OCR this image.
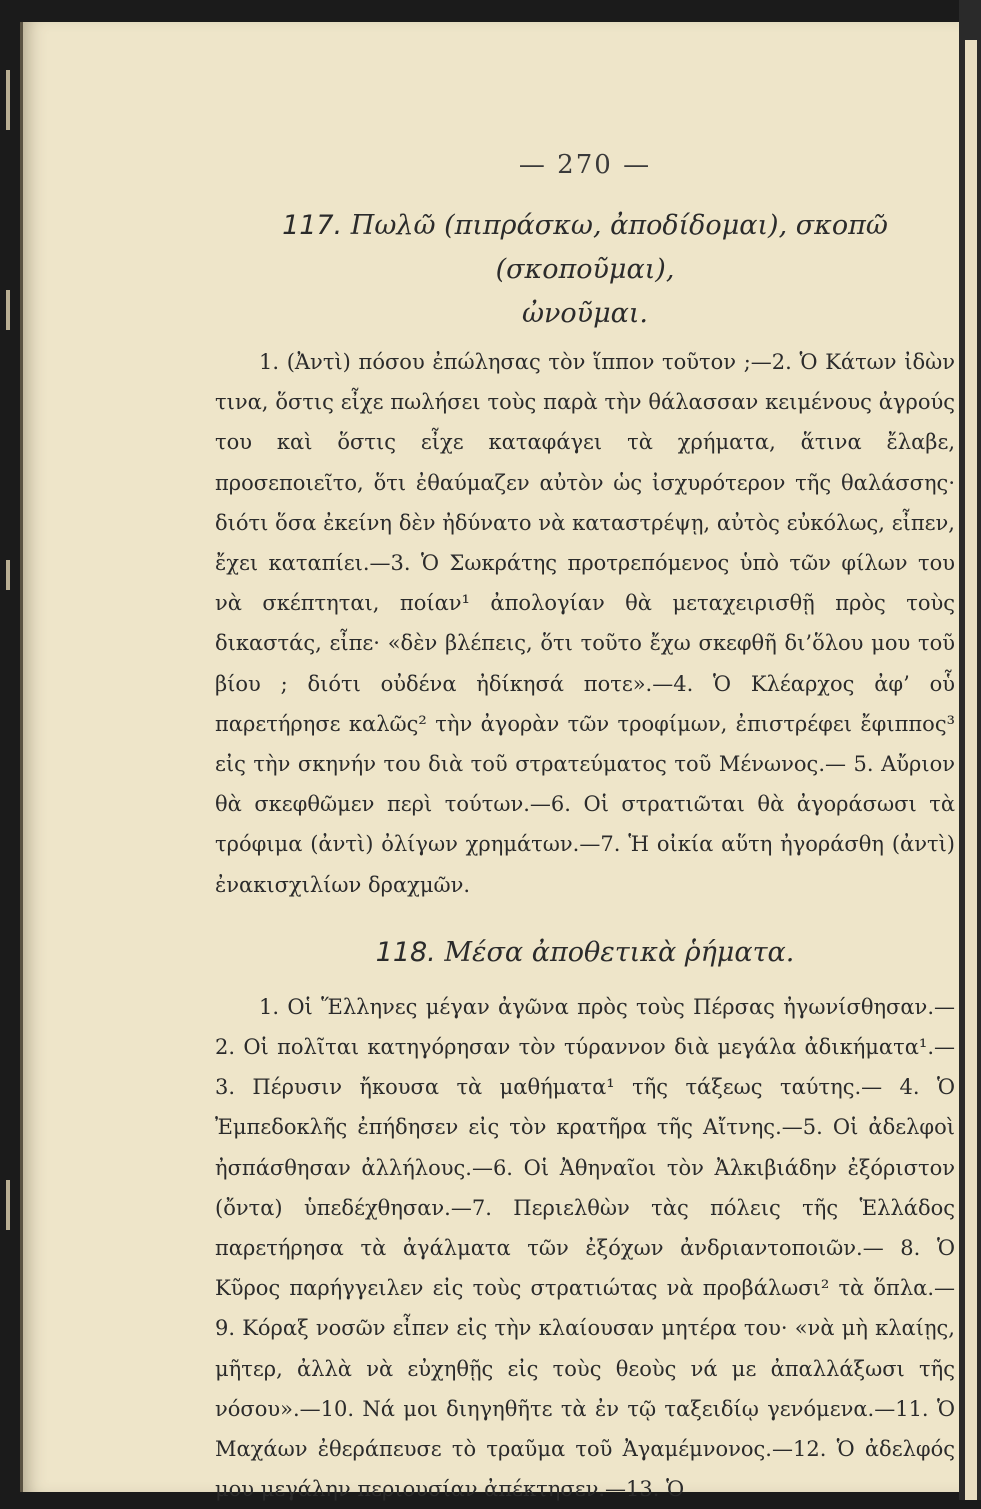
— 270 —
117. Πωλῶ (πιπράσκω, ἀποδίδομαι), σκοπῶ (σκοποῦμαι),
ὠνοῦμαι.

1. (Ἀντὶ) πόσου ἐπώλησας τὸν ἵππον τοῦτον ;—2. Ὁ Κάτων ἰδὼν τινα, ὅστις εἶχε πωλήσει τοὺς παρὰ τὴν θάλασσαν κειμένους ἀγρούς του καὶ ὅστις εἶχε καταφάγει τὰ χρήματα, ἅτινα ἔλαβε, προσεποιεῖτο, ὅτι ἐθαύμαζεν αὐτὸν ὡς ἰσχυρότερον τῆς θαλάσσης· διότι ὅσα ἐκείνη δὲν ἠδύνατο νὰ καταστρέψῃ, αὐτὸς εὐκόλως, εἶπεν, ἔχει καταπίει.—3. Ὁ Σωκράτης προτρεπόμενος ὑπὸ τῶν φίλων του νὰ σκέπτηται, ποίαν¹ ἀπολογίαν θὰ μεταχειρισθῇ πρὸς τοὺς δικαστάς, εἶπε· «δὲν βλέπεις, ὅτι τοῦτο ἔχω σκεφθῆ δι’ὅλου μου τοῦ βίου ; διότι οὐδένα ἠδίκησά ποτε».—4. Ὁ Κλέαρχος ἀφ’ οὗ παρετήρησε καλῶς² τὴν ἀγορὰν τῶν τροφίμων, ἐπιστρέφει ἔφιππος³ εἰς τὴν σκηνήν του διὰ τοῦ στρατεύματος τοῦ Μένωνος.— 5. Αὔριον θὰ σκεφθῶμεν περὶ τούτων.—6. Οἱ στρατιῶται θὰ ἀγοράσωσι τὰ τρόφιμα (ἀντὶ) ὀλίγων χρημάτων.—7. Ἡ οἰκία αὕτη ἠγοράσθη (ἀντὶ) ἐνακισχιλίων δραχμῶν.

118. Μέσα ἀποθετικὰ ῥήματα.

1. Οἱ Ἕλληνες μέγαν ἀγῶνα πρὸς τοὺς Πέρσας ἠγωνίσθησαν.—2. Οἱ πολῖται κατηγόρησαν τὸν τύραννον διὰ μεγάλα ἀδικήματα¹.—3. Πέρυσιν ἤκουσα τὰ μαθήματα¹ τῆς τάξεως ταύτης.— 4. Ὁ Ἐμπεδοκλῆς ἐπήδησεν εἰς τὸν κρατῆρα τῆς Αἴτνης.—5. Οἱ ἀδελφοὶ ἠσπάσθησαν ἀλλήλους.—6. Οἱ Ἀθηναῖοι τὸν Ἀλκιβιάδην ἐξόριστον (ὄντα) ὑπεδέχθησαν.—7. Περιελθὼν τὰς πόλεις τῆς Ἑλλάδος παρετήρησα τὰ ἀγάλματα τῶν ἐξόχων ἀνδριαντοποιῶν.— 8. Ὁ Κῦρος παρήγγειλεν εἰς τοὺς στρατιώτας νὰ προβάλωσι² τὰ ὅπλα.—9. Κόραξ νοσῶν εἶπεν εἰς τὴν κλαίουσαν μητέρα του· «νὰ μὴ κλαίῃς, μῆτερ, ἀλλὰ νὰ εὐχηθῇς εἰς τοὺς θεοὺς νά με ἀπαλλάξωσι τῆς νόσου».—10. Νά μοι διηγηθῆτε τὰ ἐν τῷ ταξειδίῳ γενόμενα.—11. Ὁ Μαχάων ἐθεράπευσε τὸ τραῦμα τοῦ Ἀγαμέμνονος.—12. Ὁ ἀδελφός μου μεγάλην περιουσίαν ἀπέκτησεν.—13. Ὁ
